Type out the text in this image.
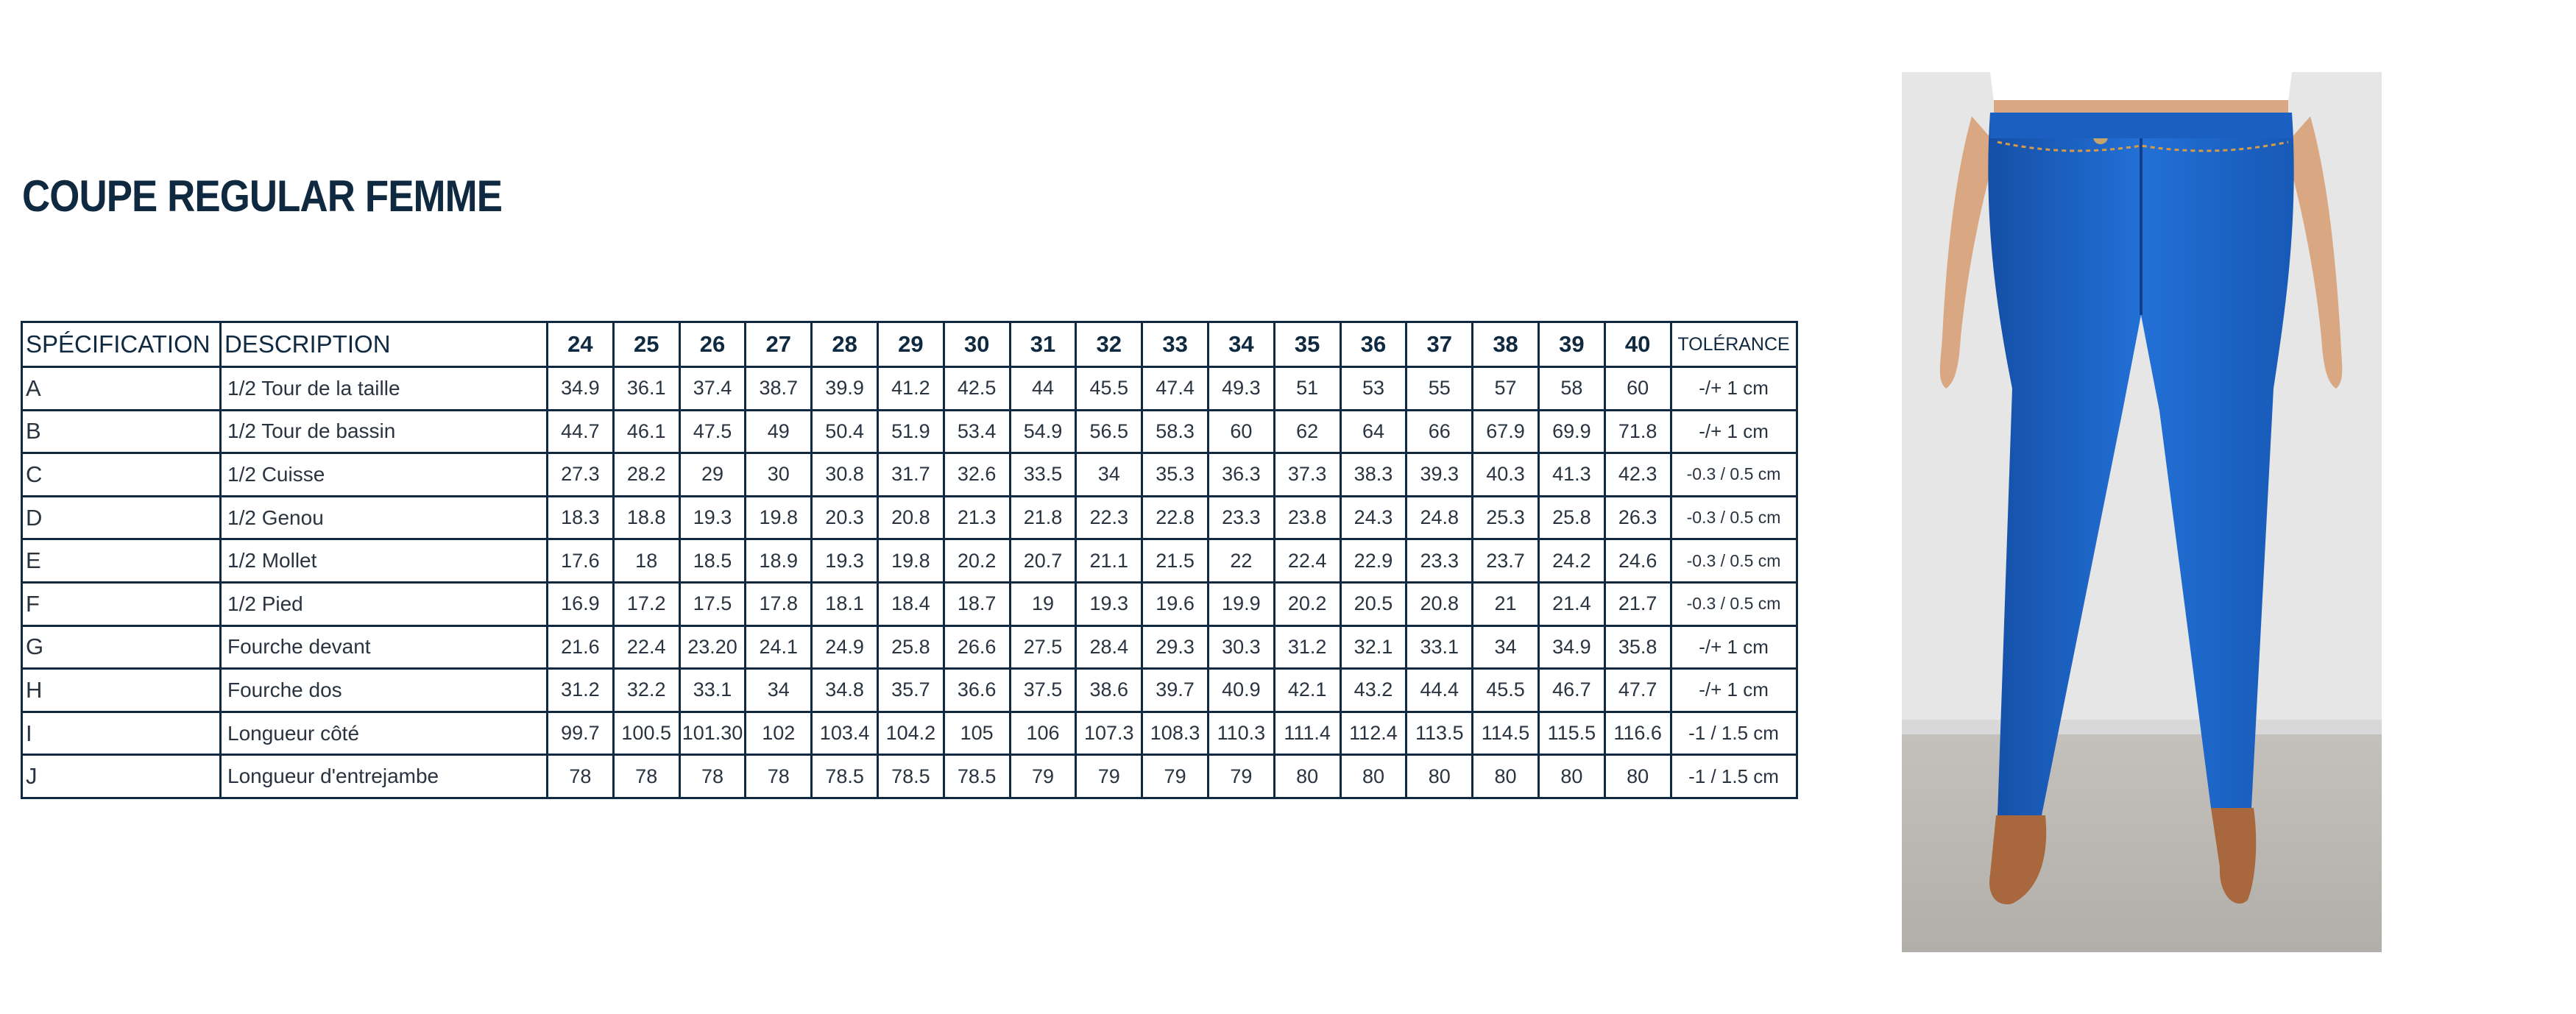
COUPE REGULAR FEMME
SPÉCIFICATION	DESCRIPTION	24	25	26	27	28	29	30	31	32	33	34	35	36	37	38	39	40	TOLÉRANCE
A	1/2 Tour de la taille	34.9	36.1	37.4	38.7	39.9	41.2	42.5	44	45.5	47.4	49.3	51	53	55	57	58	60	-/+ 1 cm
B	1/2 Tour de bassin	44.7	46.1	47.5	49	50.4	51.9	53.4	54.9	56.5	58.3	60	62	64	66	67.9	69.9	71.8	-/+ 1 cm
C	1/2 Cuisse	27.3	28.2	29	30	30.8	31.7	32.6	33.5	34	35.3	36.3	37.3	38.3	39.3	40.3	41.3	42.3	-0.3 / 0.5 cm
D	1/2 Genou	18.3	18.8	19.3	19.8	20.3	20.8	21.3	21.8	22.3	22.8	23.3	23.8	24.3	24.8	25.3	25.8	26.3	-0.3 / 0.5 cm
E	1/2 Mollet	17.6	18	18.5	18.9	19.3	19.8	20.2	20.7	21.1	21.5	22	22.4	22.9	23.3	23.7	24.2	24.6	-0.3 / 0.5 cm
F	1/2 Pied	16.9	17.2	17.5	17.8	18.1	18.4	18.7	19	19.3	19.6	19.9	20.2	20.5	20.8	21	21.4	21.7	-0.3 / 0.5 cm
G	Fourche devant	21.6	22.4	23.20	24.1	24.9	25.8	26.6	27.5	28.4	29.3	30.3	31.2	32.1	33.1	34	34.9	35.8	-/+ 1 cm
H	Fourche dos	31.2	32.2	33.1	34	34.8	35.7	36.6	37.5	38.6	39.7	40.9	42.1	43.2	44.4	45.5	46.7	47.7	-/+ 1 cm
I	Longueur côté	99.7	100.5	101.30	102	103.4	104.2	105	106	107.3	108.3	110.3	111.4	112.4	113.5	114.5	115.5	116.6	-1 / 1.5 cm
J	Longueur d'entrejambe	78	78	78	78	78.5	78.5	78.5	79	79	79	79	80	80	80	80	80	80	-1 / 1.5 cm
